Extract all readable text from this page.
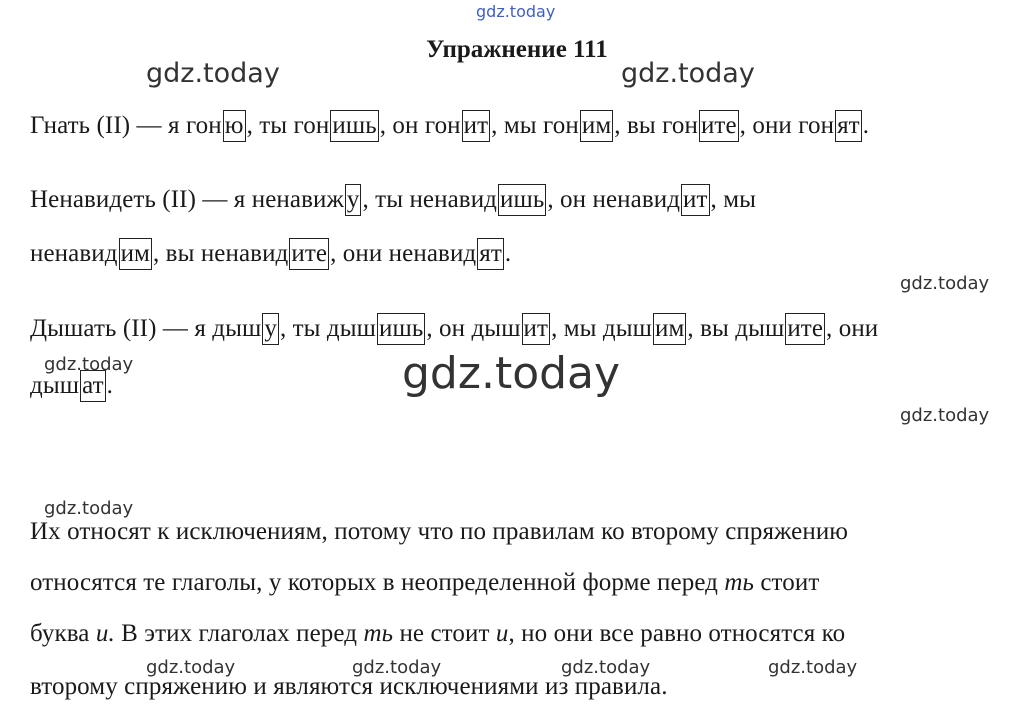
gdz.today
gdz.today	gdz.today
gdz.today
gdz.today	gdz.today
gdz.today
gdz.today
gdz.today	gdz.today	gdz.today	gdz.today
Упражнение 111
Гнать (II) — я гон ю , ты гон ишь , он гон ит , мы гон им , вы гон ите , они гон ят .
Ненавидеть (II) — я ненавиж у , ты ненавид ишь , он ненавид ит , мы
ненавид им , вы ненавид ите , они ненавид ят .
Дышать (II) — я дыш у , ты дыш ишь , он дыш ит , мы дыш им , вы дыш ите , они
дыш ат .
Их относят к исключениям, потому что по правилам ко второму спряжению
относятся те глаголы, у которых в неопределенной форме перед ть стоит
буква и. В этих глаголах перед ть не стоит и, но они все равно относятся ко
второму спряжению и являются исключениями из правила.
